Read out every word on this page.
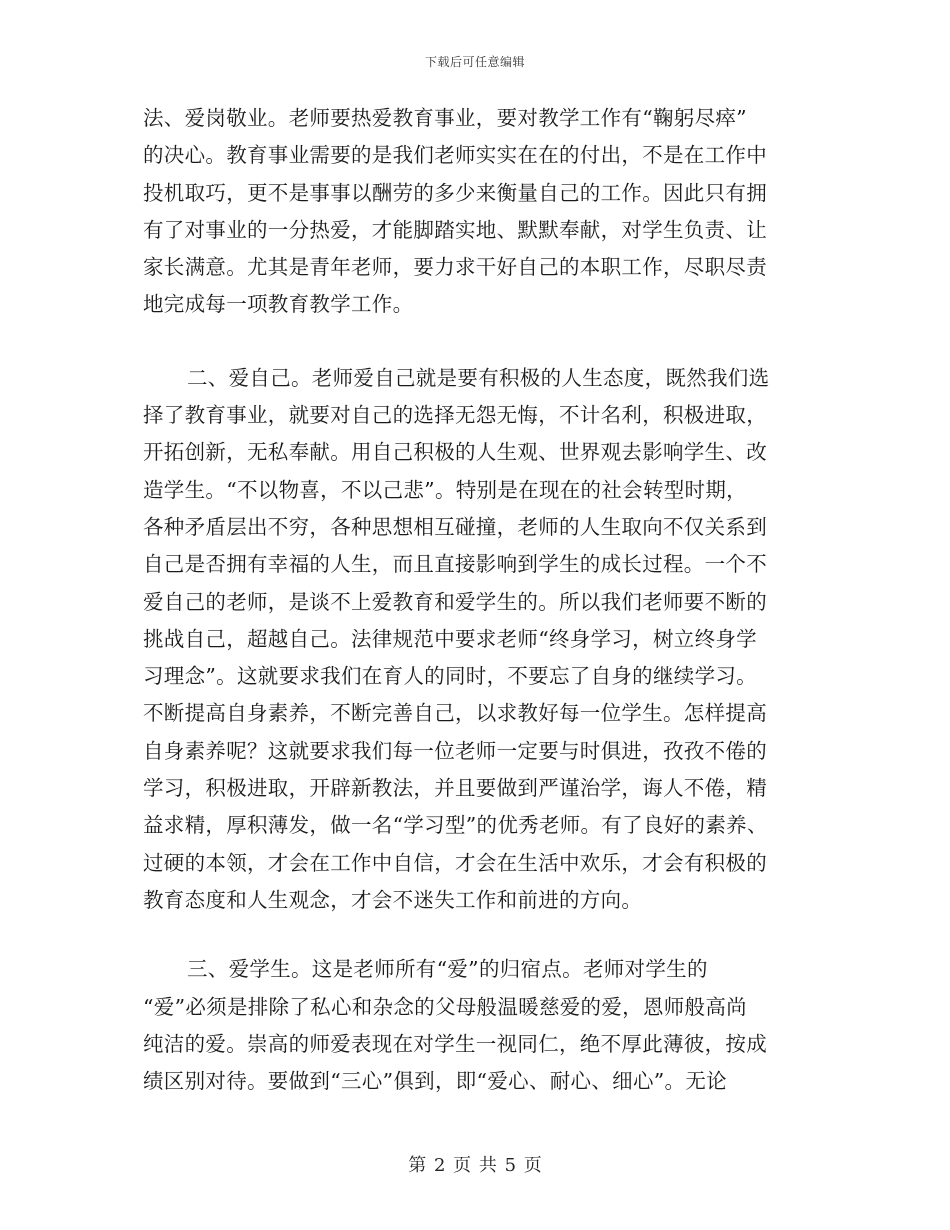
下载后可任意编辑
法、爱岗敬业。老师要热爱教育事业，要对教学工作有“鞠躬尽瘁”
的决心。教育事业需要的是我们老师实实在在的付出，不是在工作中
投机取巧，更不是事事以酬劳的多少来衡量自己的工作。因此只有拥
有了对事业的一分热爱，才能脚踏实地、默默奉献，对学生负责、让
家长满意。尤其是青年老师，要力求干好自己的本职工作，尽职尽责
地完成每一项教育教学工作。
二、爱自己。老师爱自己就是要有积极的人生态度，既然我们选
择了教育事业，就要对自己的选择无怨无悔，不计名利，积极进取，
开拓创新，无私奉献。用自己积极的人生观、世界观去影响学生、改
造学生。“不以物喜，不以己悲”。特别是在现在的社会转型时期，
各种矛盾层出不穷，各种思想相互碰撞，老师的人生取向不仅关系到
自己是否拥有幸福的人生，而且直接影响到学生的成长过程。一个不
爱自己的老师，是谈不上爱教育和爱学生的。所以我们老师要不断的
挑战自己，超越自己。法律规范中要求老师“终身学习，树立终身学
习理念”。这就要求我们在育人的同时，不要忘了自身的继续学习。
不断提高自身素养，不断完善自己，以求教好每一位学生。怎样提高
自身素养呢？这就要求我们每一位老师一定要与时俱进，孜孜不倦的
学习，积极进取，开辟新教法，并且要做到严谨治学，诲人不倦，精
益求精，厚积薄发，做一名“学习型”的优秀老师。有了良好的素养、
过硬的本领，才会在工作中自信，才会在生活中欢乐，才会有积极的
教育态度和人生观念，才会不迷失工作和前进的方向。
三、爱学生。这是老师所有“爱”的归宿点。老师对学生的
“爱”必须是排除了私心和杂念的父母般温暖慈爱的爱，恩师般高尚
纯洁的爱。崇高的师爱表现在对学生一视同仁，绝不厚此薄彼，按成
绩区别对待。要做到“三心”俱到，即“爱心、耐心、细心”。无论
第 2 页 共 5 页
